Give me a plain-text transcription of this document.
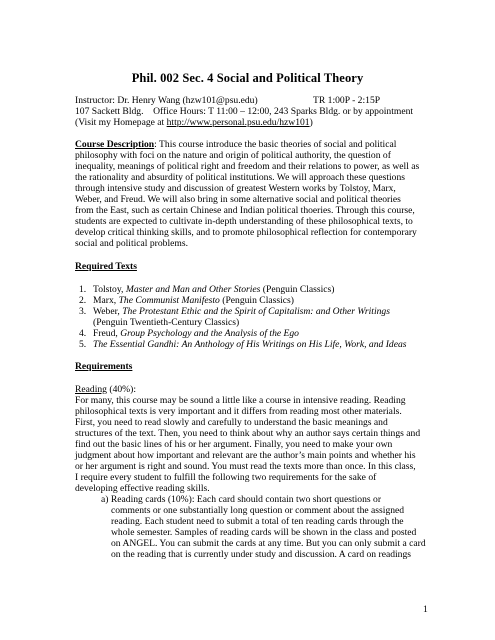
Phil. 002 Sec. 4 Social and Political Theory
Instructor: Dr. Henry Wang (hzw101@psu.edu)	TR 1:00P - 2:15P
107 Sackett Bldg.    Office Hours: T 11:00 – 12:00, 243 Sparks Bldg. or by appointment
(Visit my Homepage at http://www.personal.psu.edu/hzw101)
Course Description: This course introduce the basic theories of social and political
philosophy with foci on the nature and origin of political authority, the question of
inequality, meanings of political right and freedom and their relations to power, as well as
the rationality and absurdity of political institutions. We will approach these questions
through intensive study and discussion of greatest Western works by Tolstoy, Marx,
Weber, and Freud. We will also bring in some alternative social and political theories
from the East, such as certain Chinese and Indian political thoeries. Through this course,
students are expected to cultivate in-depth understanding of these philosophical texts, to
develop critical thinking skills, and to promote philosophical reflection for contemporary
social and political problems.
Required Texts
1. Tolstoy, Master and Man and Other Stories (Penguin Classics)
2. Marx, The Communist Manifesto (Penguin Classics)
3. Weber, The Protestant Ethic and the Spirit of Capitalism: and Other Writings
(Penguin Twentieth-Century Classics)
4. Freud, Group Psychology and the Analysis of the Ego
5. The Essential Gandhi: An Anthology of His Writings on His Life, Work, and Ideas
Requirements
Reading (40%):
For many, this course may be sound a little like a course in intensive reading. Reading
philosophical texts is very important and it differs from reading most other materials.
First, you need to read slowly and carefully to understand the basic meanings and
structures of the text. Then, you need to think about why an author says certain things and
find out the basic lines of his or her argument. Finally, you need to make your own
judgment about how important and relevant are the author’s main points and whether his
or her argument is right and sound. You must read the texts more than once. In this class,
I require every student to fulfill the following two requirements for the sake of
developing effective reading skills.
a) Reading cards (10%): Each card should contain two short questions or
comments or one substantially long question or comment about the assigned
reading. Each student need to submit a total of ten reading cards through the
whole semester. Samples of reading cards will be shown in the class and posted
on ANGEL. You can submit the cards at any time. But you can only submit a card
on the reading that is currently under study and discussion. A card on readings
1
